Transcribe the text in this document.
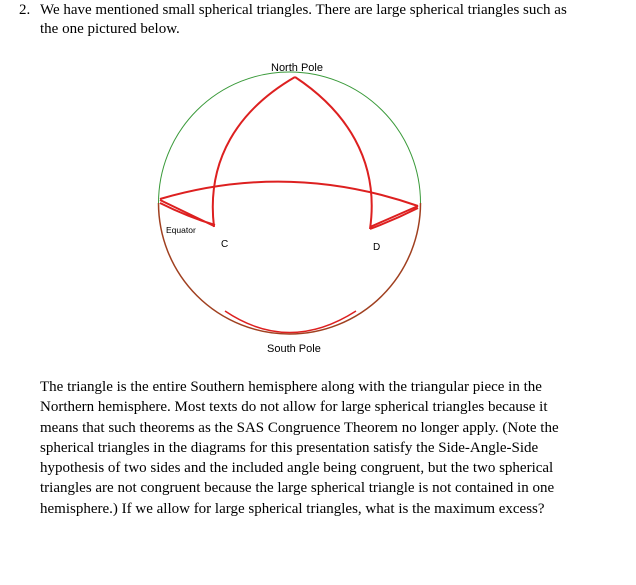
2. We have mentioned small spherical triangles. There are large spherical triangles such as
the one pictured below.
North Pole
South Pole
Equator
C	D
The triangle is the entire Southern hemisphere along with the triangular piece in the
Northern hemisphere. Most texts do not allow for large spherical triangles because it
means that such theorems as the SAS Congruence Theorem no longer apply. (Note the
spherical triangles in the diagrams for this presentation satisfy the Side-Angle-Side
hypothesis of two sides and the included angle being congruent, but the two spherical
triangles are not congruent because the large spherical triangle is not contained in one
hemisphere.) If we allow for large spherical triangles, what is the maximum excess?
